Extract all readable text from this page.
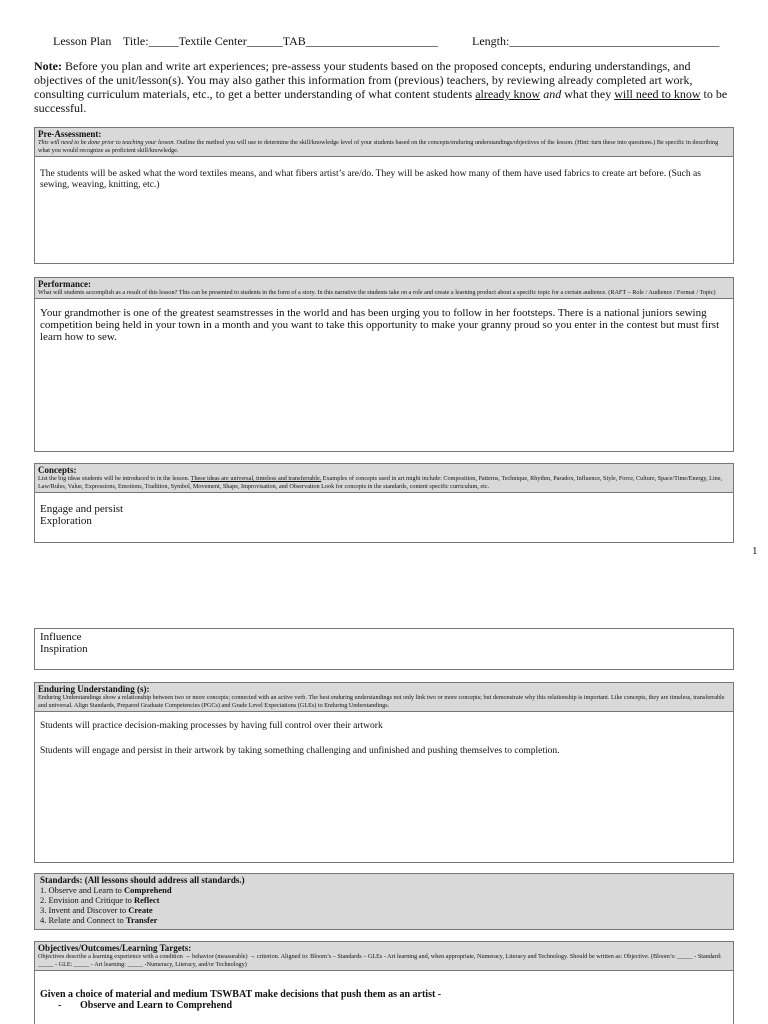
Lesson Plan Title:_____Textile Center______TAB______________________	Length:___________________________________
Note: Before you plan and write art experiences; pre-assess your students based on the proposed concepts, enduring understandings, and objectives of the unit/lesson(s). You may also gather this information from (previous) teachers, by reviewing already completed art work, consulting curriculum materials, etc., to get a better understanding of what content students already know and what they will need to know to be successful.
Pre-Assessment:
This will need to be done prior to teaching your lesson. Outline the method you will use to determine the skill/knowledge level of your students based on the concepts/enduring understandings/objectives of the lesson. (Hint: turn these into questions.) Be specific in describing what you would recognize as proficient skill/knowledge.
The students will be asked what the word textiles means, and what fibers artist’s are/do. They will be asked how many of them have used fabrics to create art before. (Such as sewing, weaving, knitting, etc.)
Performance:
What will students accomplish as a result of this lesson? This can be presented to students in the form of a story. In this narrative the students take on a role and create a learning product about a specific topic for a certain audience. (RAFT – Role / Audience / Format / Topic)
Your grandmother is one of the greatest seamstresses in the world and has been urging you to follow in her footsteps. There is a national juniors sewing competition being held in your town in a month and you want to take this opportunity to make your granny proud so you enter in the contest but must first learn how to sew.
Concepts:
List the big ideas students will be introduced to in the lesson. These ideas are universal, timeless and transferrable. Examples of concepts used in art might include: Composition, Patterns, Technique, Rhythm, Paradox, Influence, Style, Force, Culture, Space/Time/Energy, Line, Law/Rules, Value, Expressions, Emotions, Tradition, Symbol, Movement, Shape, Improvisation, and Observation Look for concepts in the standards, content specific curriculum, etc.
Engage and persist
Exploration
1
Influence
Inspiration
Enduring Understanding (s):
Enduring Understandings show a relationship between two or more concepts; connected with an active verb. The best enduring understandings not only link two or more concepts; but demonstrate why this relationship is important. Like concepts, they are timeless, transferrable and universal. Align Standards, Prepared Graduate Competencies (PGCs) and Grade Level Expectations (GLEs) to Enduring Understandings.
Students will practice decision-making processes by having full control over their artwork
Students will engage and persist in their artwork by taking something challenging and unfinished and pushing themselves to completion.
Standards: (All lessons should address all standards.)
1. Observe and Learn to Comprehend
2. Envision and Critique to Reflect
3. Invent and Discover to Create
4. Relate and Connect to Transfer
Objectives/Outcomes/Learning Targets:
Objectives describe a learning experience with a condition → behavior (measurable) → criterion. Aligned to: Bloom’s – Standards – GLEs - Art learning and, when appropriate, Numeracy, Literacy and Technology. Should be written as: Objective. (Bloom’s: _____ - Standard: _____ - GLE: _____ - Art learning: _____ -Numeracy, Literacy, and/or Technology)
Given a choice of material and medium TSWBAT make decisions that push them as an artist -
- Observe and Learn to Comprehend
